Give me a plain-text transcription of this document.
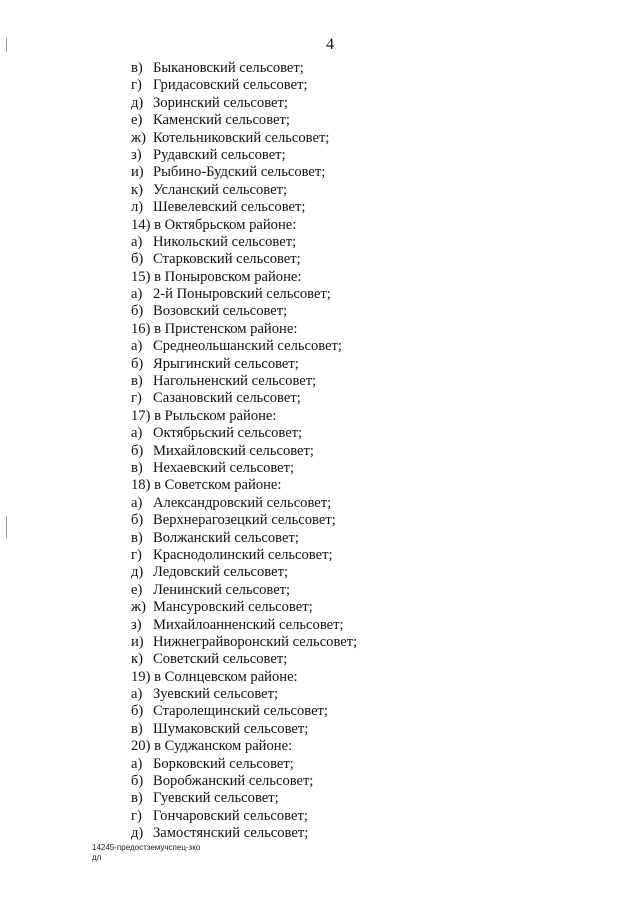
4
в) Быкановский сельсовет;
г) Гридасовский сельсовет;
д) Зоринский сельсовет;
е) Каменский сельсовет;
ж) Котельниковский сельсовет;
з) Рудавский сельсовет;
и) Рыбино-Будский сельсовет;
к) Усланский сельсовет;
л) Шевелевский сельсовет;
14) в Октябрьском районе:
а) Никольский сельсовет;
б) Старковский сельсовет;
15) в Поныровском районе:
а) 2-й Поныровский сельсовет;
б) Возовский сельсовет;
16) в Пристенском районе:
а) Среднеольшанский сельсовет;
б) Ярыгинский сельсовет;
в) Нагольненский сельсовет;
г) Сазановский сельсовет;
17) в Рыльском районе:
а) Октябрьский сельсовет;
б) Михайловский сельсовет;
в) Нехаевский сельсовет;
18) в Советском районе:
а) Александровский сельсовет;
б) Верхнерагозецкий сельсовет;
в) Волжанский сельсовет;
г) Краснодолинский сельсовет;
д) Ледовский сельсовет;
е) Ленинский сельсовет;
ж) Мансуровский сельсовет;
з) Михайлоанненский сельсовет;
и) Нижнеграйворонский сельсовет;
к) Советский сельсовет;
19) в Солнцевском районе:
а) Зуевский сельсовет;
б) Старолещинский сельсовет;
в) Шумаковский сельсовет;
20) в Суджанском районе:
а) Борковский сельсовет;
б) Воробжанский сельсовет;
в) Гуевский сельсовет;
г) Гончаровский сельсовет;
д) Замостянский сельсовет;
14245-предостземучспец-зко
дл
